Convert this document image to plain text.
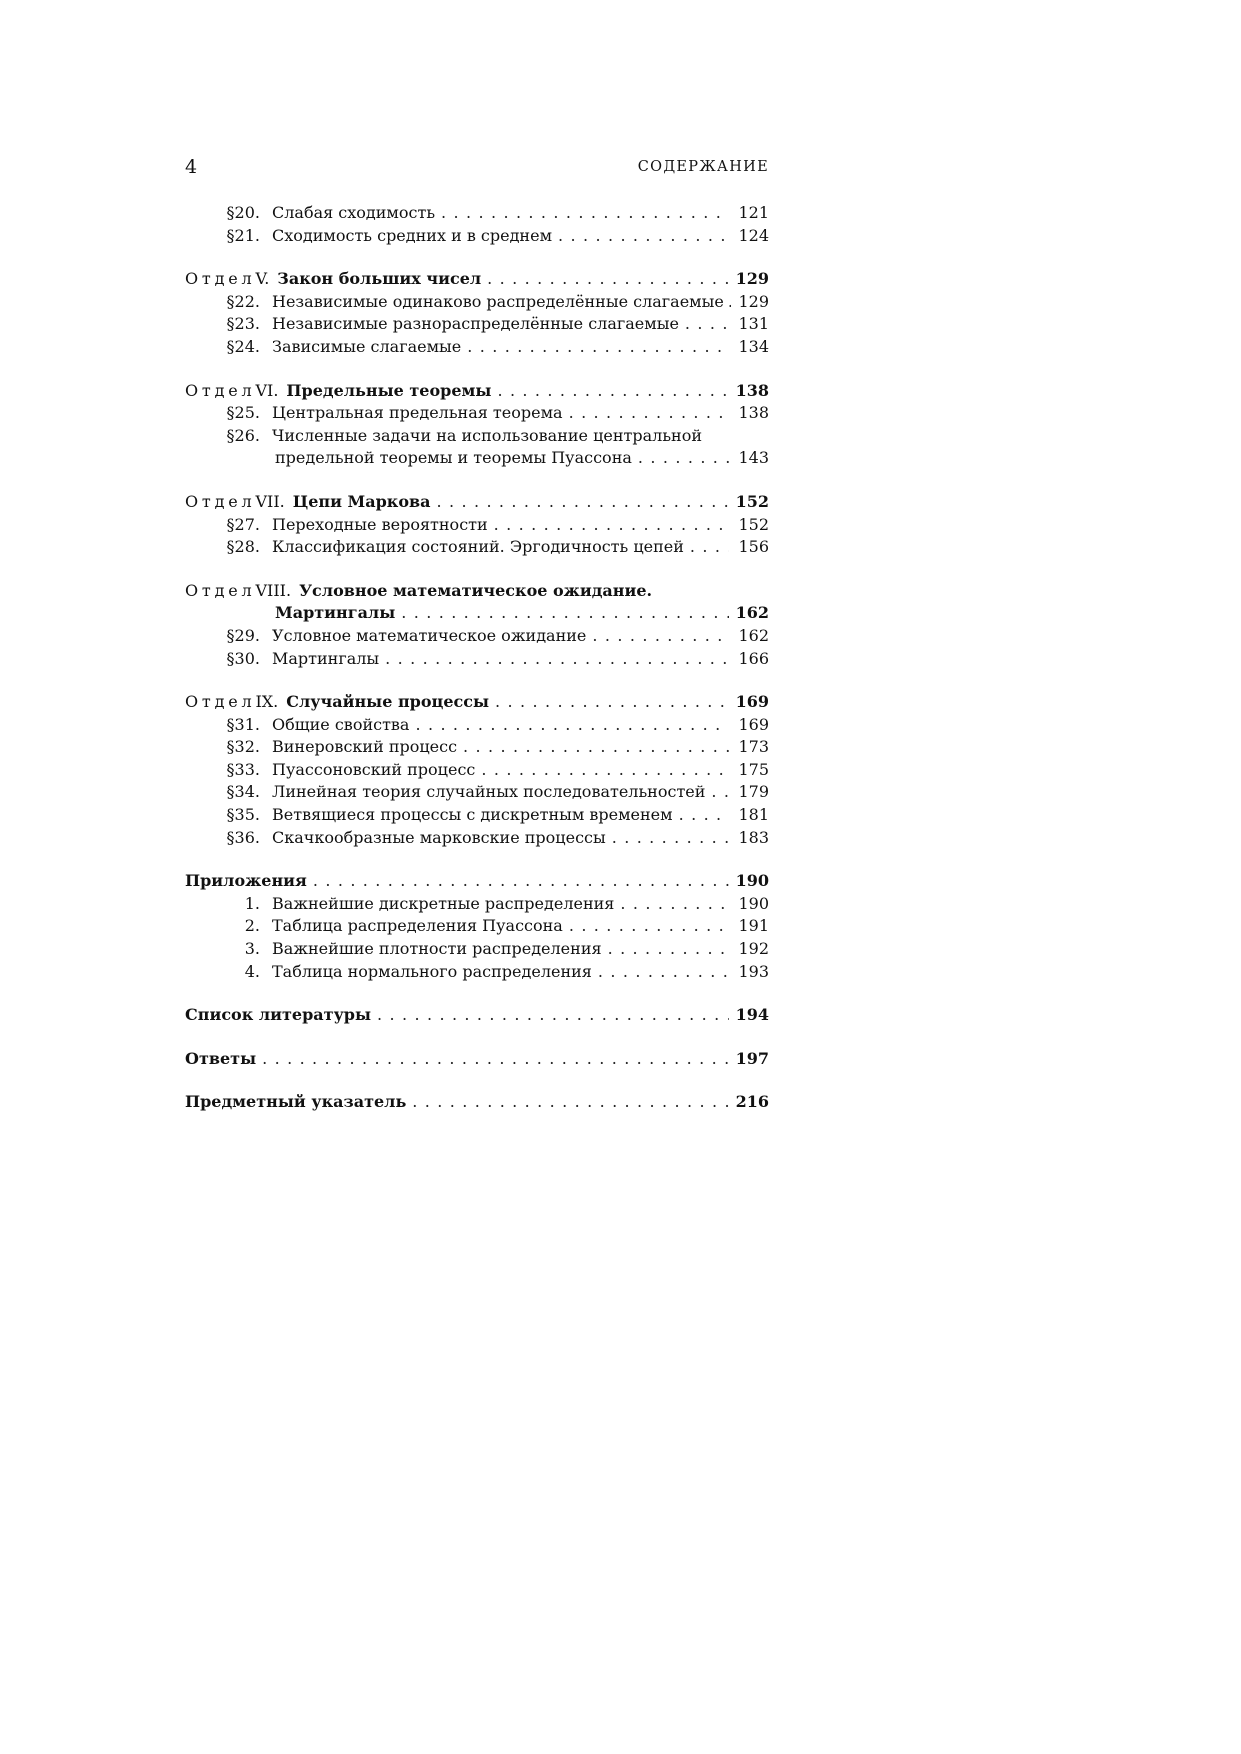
4	СОДЕРЖАНИЕ
§20. Слабая сходимость .....	121
§21. Сходимость средних и в среднем .....	124
Отдел V. Закон больших чисел .....	129
§22. Независимые одинаково распределённые слагаемые ..... 129
§23. Независимые разнораспределённые слагаемые .....	131
§24. Зависимые слагаемые .....	134
Отдел VI. Предельные теоремы .....	138
§25. Центральная предельная теорема .....	138
§26. Численные задачи на использование центральной
предельной теоремы и теоремы Пуассона .....	143
Отдел VII. Цепи Маркова .....	152
§27. Переходные вероятности .....	152
§28. Классификация состояний. Эргодичность цепей .....	156
Отдел VIII. Условное математическое ожидание.
Мартингалы .....	162
§29. Условное математическое ожидание .....	162
§30. Мартингалы .....	166
Отдел IX. Случайные процессы .....	169
§31. Общие свойства .....	169
§32. Винеровский процесс .....	173
§33. Пуассоновский процесс .....	175
§34. Линейная теория случайных последовательностей ..... 179
§35. Ветвящиеся процессы с дискретным временем .....	181
§36. Скачкообразные марковские процессы .....	183
Приложения .....	190
1. Важнейшие дискретные распределения .....	190
2. Таблица распределения Пуассона .....	191
3. Важнейшие плотности распределения .....	192
4. Таблица нормального распределения .....	193
Список литературы .....	194
Ответы .....	197
Предметный указатель .....	216
